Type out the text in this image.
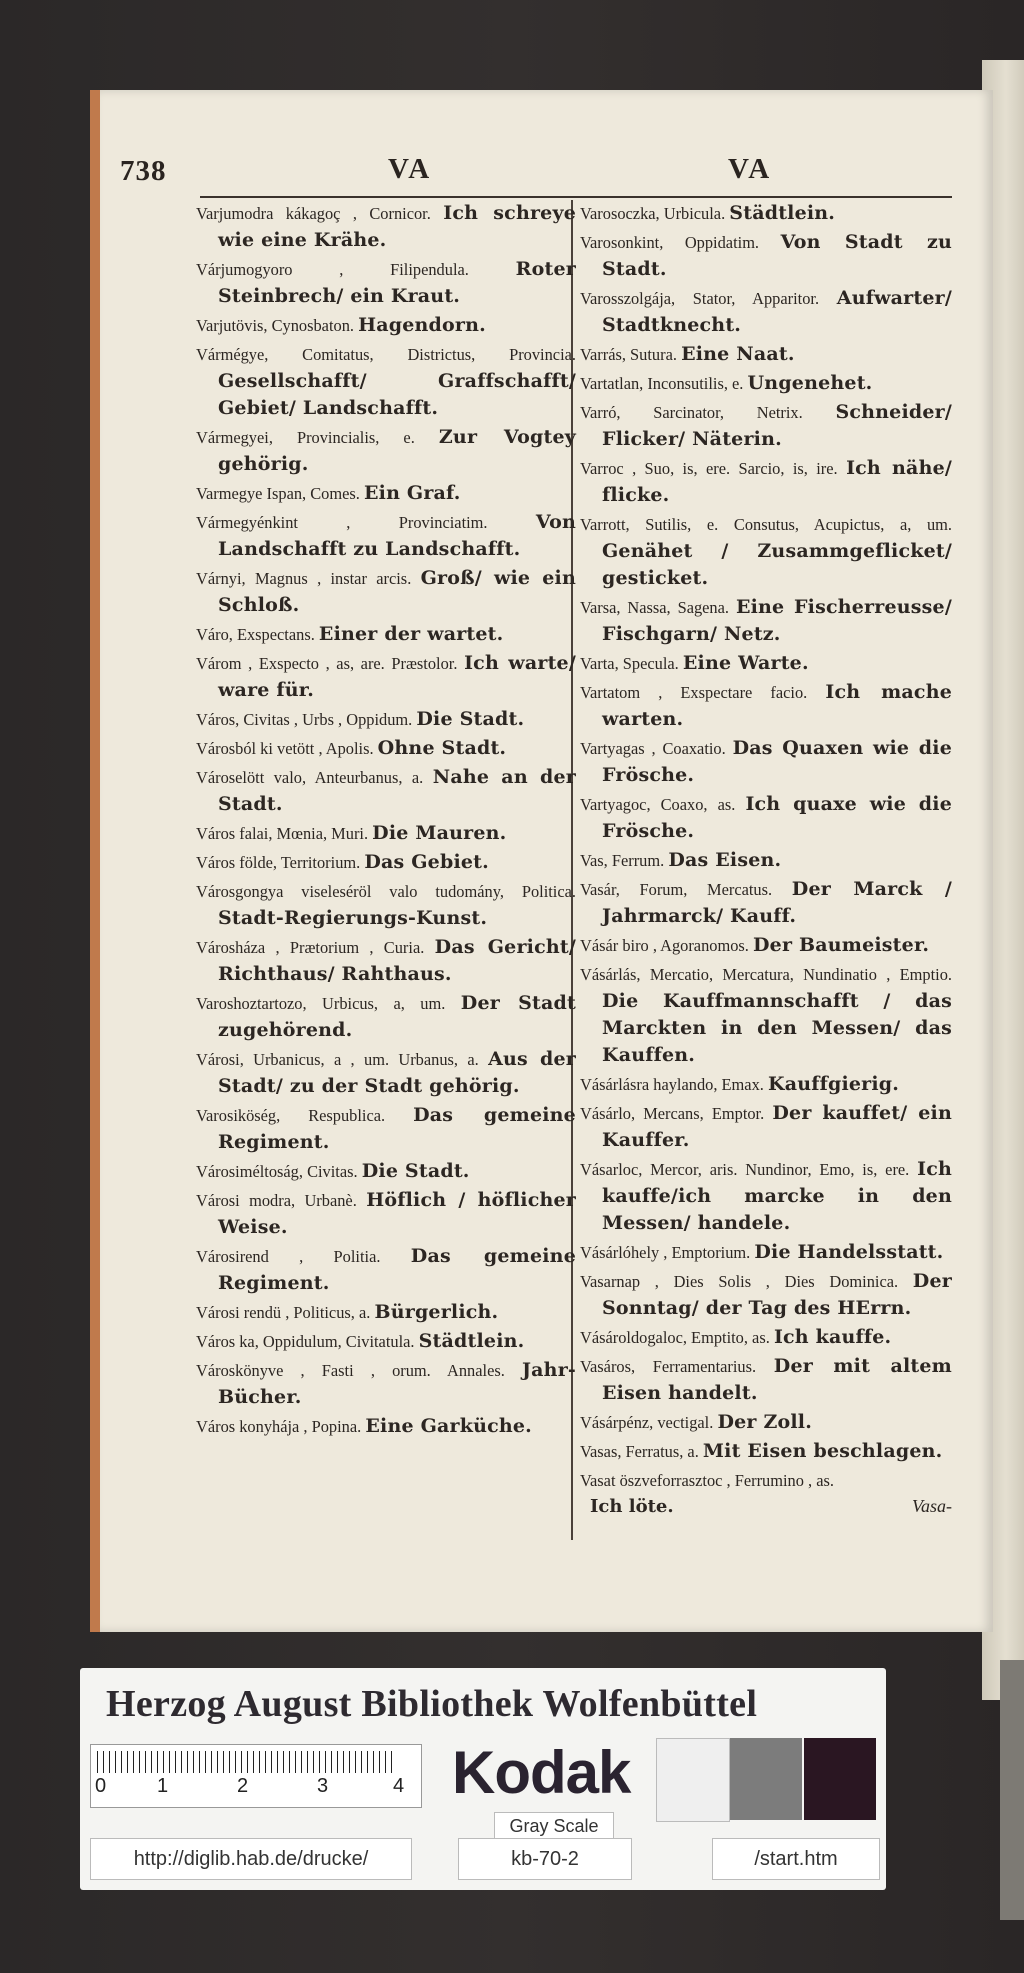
738	VA	VA
Varjumodra kákagoç , Cornicor. Ich schreye wie eine Krähe.
Várjumogyoro , Filipendula. Roter Steinbrech/ ein Kraut.
Varjutövis, Cynosbaton. Hagendorn.
Vármégye, Comitatus, Districtus, Provincia. Gesellschafft/ Graffschafft/ Gebiet/ Landschafft.
Vármegyei, Provincialis, e. Zur Vogtey gehörig.
Varmegye Ispan, Comes. Ein Graf.
Vármegyénkint , Provinciatim.	Von Landschafft zu Landschafft.
Várnyi, Magnus , instar arcis. Groß/ wie ein Schloß.
Váro, Exspectans. Einer der wartet.
Várom , Exspecto , as, are. Præstolor. Ich warte/ ware für.
Város, Civitas , Urbs , Oppidum. Die Stadt.
Városból ki vetött , Apolis. Ohne Stadt.
Városelött valo, Anteurbanus, a. Nahe an der Stadt.
Város falai, Mœnia, Muri. Die Mauren.
Város földe, Territorium. Das Gebiet.
Városgongya viseleséröl valo tudomány, Politica. Stadt-Regierungs-Kunst.
Városháza , Prætorium , Curia. Das Gericht/ Richthaus/ Rahthaus.
Varoshoztartozo, Urbicus, a, um. Der Stadt zugehörend.
Városi, Urbanicus, a , um. Urbanus, a. Aus der Stadt/ zu der Stadt gehörig.
Varosiköség, Respublica. Das gemeine Regiment.
Városiméltoság, Civitas. Die Stadt.
Városi modra, Urbanè. Höflich / höflicher Weise.
Városirend , Politia. Das gemeine Regiment.
Városi rendü , Politicus, a. Bürgerlich.
Város ka, Oppidulum, Civitatula. Städtlein.
Városkönyve , Fasti , orum. Annales. Jahr-Bücher.
Város konyhája , Popina. Eine Garküche.
Varosoczka, Urbicula. Städtlein.
Varosonkint, Oppidatim. Von Stadt zu Stadt.
Varosszolgája, Stator, Apparitor. Aufwarter/ Stadtknecht.
Varrás, Sutura. Eine Naat.
Vartatlan, Inconsutilis, e. Ungenehet.
Varró, Sarcinator, Netrix. Schneider/ Flicker/ Näterin.
Varroc , Suo, is, ere. Sarcio, is, ire. Ich nähe/ flicke.
Varrott, Sutilis, e. Consutus, Acupictus, a, um. Genähet / Zusammgeflicket/ gesticket.
Varsa, Nassa, Sagena. Eine Fischerreusse/ Fischgarn/ Netz.
Varta, Specula. Eine Warte.
Vartatom , Exspectare facio. Ich mache warten.
Vartyagas , Coaxatio. Das Quaxen wie die Frösche.
Vartyagoc, Coaxo, as. Ich quaxe wie die Frösche.
Vas, Ferrum. Das Eisen.
Vasár, Forum, Mercatus. Der Marck / Jahrmarck/ Kauff.
Vásár biro , Agoranomos. Der Baumeister.
Vásárlás, Mercatio, Mercatura, Nundinatio , Emptio. Die Kauffmannschafft / das Marckten in den Messen/ das Kauffen.
Vásárlásra haylando, Emax. Kauffgierig.
Vásárlo, Mercans, Emptor. Der kauffet/ ein Kauffer.
Vásarloc, Mercor, aris. Nundinor, Emo, is, ere. Ich kauffe/ich marcke in den Messen/ handele.
Vásárlóhely , Emptorium. Die Handelsstatt.
Vasarnap , Dies Solis , Dies Dominica. Der Sonntag/ der Tag des HErrn.
Vásároldogaloc, Emptito, as. Ich kauffe.
Vasáros, Ferramentarius. Der mit altem Eisen handelt.
Vásárpénz, vectigal. Der Zoll.
Vasas, Ferratus, a. Mit Eisen beschlagen.
Vasat öszveforrasztoc , Ferrumino , as.
Ich löte.	Vasa-
Herzog August Bibliothek Wolfenbüttel
0	1	2	3	4 Kodak
Gray Scale
http://diglib.hab.de/drucke/	kb-70-2	/start.htm
